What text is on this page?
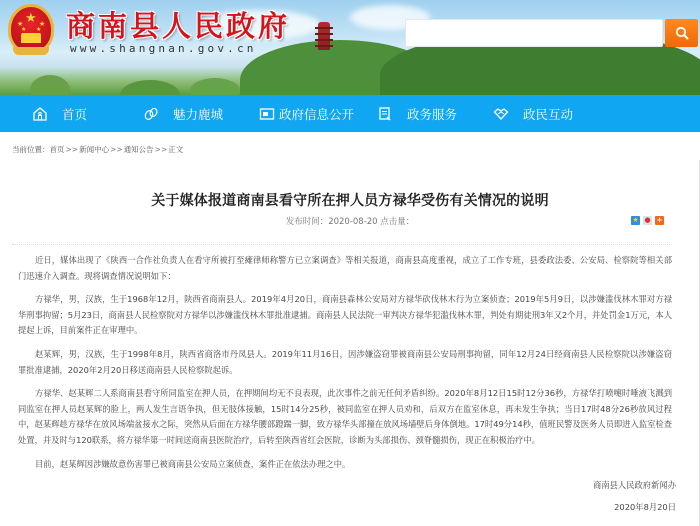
★
★ ★
★ ★ 商南县人民政府
www.shangnan.gov.cn
首页	魅力鹿城	政府信息公开	政务服务	政民互动
当前位置： 首页 >> 新闻中心 >> 通知公告 >> 正文
关于媒体报道商南县看守所在押人员方禄华受伤有关情况的说明
发布时间：2020-08-20 点击量：	★ ● +

近日，媒体出现了《陕西一合作社负责人在看守所被打至瘫律师称警方已立案调查》等相关报道，商南县高度重视，成立了工作专班，县委政法委、公安局、检察院等相关部门迅速介入调查。现将调查情况说明如下：

方禄华，男，汉族，生于1968年12月，陕西省商南县人。2019年4月20日，商南县森林公安局对方禄华砍伐林木行为立案侦查；2019年5月9日，以涉嫌滥伐林木罪对方禄华刑事拘留；5月23日，商南县人民检察院对方禄华以涉嫌滥伐林木罪批准逮捕。商南县人民法院一审判决方禄华犯滥伐林木罪，判处有期徒刑3年又2个月，并处罚金1万元，本人提起上诉，目前案件正在审理中。

赵某辉，男，汉族，生于1998年8月，陕西省商洛市丹凤县人。2019年11月16日，因涉嫌盗窃罪被商南县公安局刑事拘留，同年12月24日经商南县人民检察院以涉嫌盗窃罪批准逮捕，2020年2月20日移送商南县人民检察院起诉。

方禄华、赵某辉二人系商南县看守所同监室在押人员，在押期间均无不良表现，此次事件之前无任何矛盾纠纷。2020年8月12日15时12分36秒，方禄华打喷嚏时唾液飞溅到同监室在押人员赵某辉的脸上，两人发生言语争执，但无肢体接触，15时14分25秒，被同监室在押人员劝和，后双方在监室休息，再未发生争执；当日17时48分26秒放风过程中，赵某辉趁方禄华在放风场端盆接水之际，突然从后面在方禄华腰部蹬踹一脚，致方禄华头部撞在放风场墙壁后身体倒地。17时49分14秒，值班民警及医务人员即进入监室检查处置，并及时与120联系，将方禄华第一时间送商南县医院治疗，后转至陕西省红会医院，诊断为头部损伤、颈脊髓损伤，现正在积极治疗中。

目前，赵某辉因涉嫌故意伤害罪已被商南县公安局立案侦查，案件正在依法办理之中。

商南县人民政府新闻办
2020年8月20日
